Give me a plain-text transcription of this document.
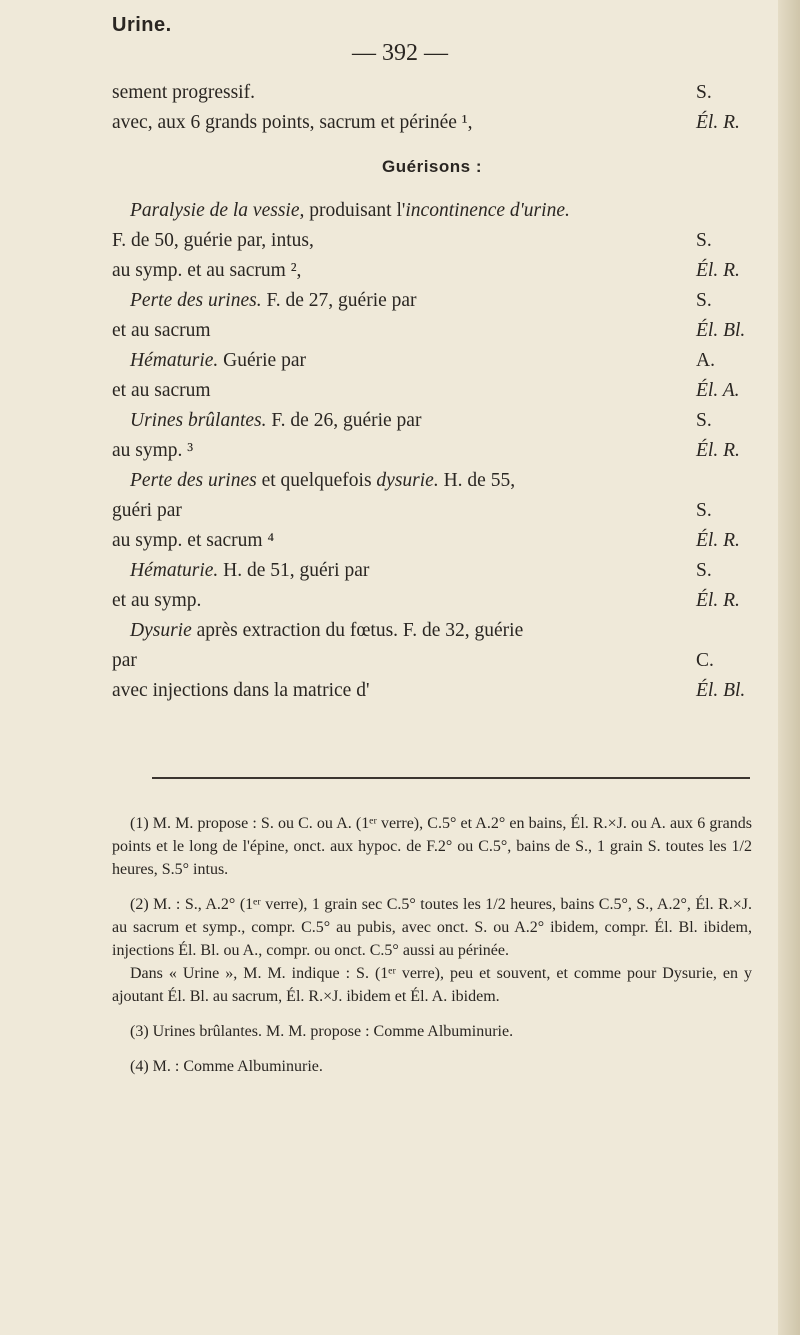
Urine.
— 392 —
sement progressif.	S.
avec, aux 6 grands points, sacrum et périnée ¹,	Él. R.
Guérisons :
Paralysie de la vessie, produisant l'incontinence d'urine.
F. de 50, guérie par, intus,	S.
au symp. et au sacrum ²,	Él. R.
Perte des urines. F. de 27, guérie par	S.
et au sacrum	Él. Bl.
Hématurie. Guérie par	A.
et au sacrum	Él. A.
Urines brûlantes. F. de 26, guérie par	S.
au symp. ³	Él. R.
Perte des urines et quelquefois dysurie. H. de 55,
guéri par	S.
au symp. et sacrum ⁴	Él. R.
Hématurie. H. de 51, guéri par	S.
et au symp.	Él. R.
Dysurie après extraction du fœtus. F. de 32, guérie
par	C.
avec injections dans la matrice d'	Él. Bl.
(1) M. M. propose : S. ou C. ou A. (1ᵉʳ verre), C.5° et A.2° en bains, Él. R.×J. ou A. aux 6 grands points et le long de l'épine, onct. aux hypoc. de F.2° ou C.5°, bains de S., 1 grain S. toutes les 1/2 heures, S.5° intus.

(2) M. : S., A.2° (1ᵉʳ verre), 1 grain sec C.5° toutes les 1/2 heures, bains C.5°, S., A.2°, Él. R.×J. au sacrum et symp., compr. C.5° au pubis, avec onct. S. ou A.2° ibidem, compr. Él. Bl. ibidem, injections Él. Bl. ou A., compr. ou onct. C.5° aussi au périnée.

Dans « Urine », M. M. indique : S. (1ᵉʳ verre), peu et souvent, et comme pour Dysurie, en y ajoutant Él. Bl. au sacrum, Él. R.×J. ibidem et Él. A. ibidem.

(3) Urines brûlantes. M. M. propose : Comme Albuminurie.
(4) M. : Comme Albuminurie.
